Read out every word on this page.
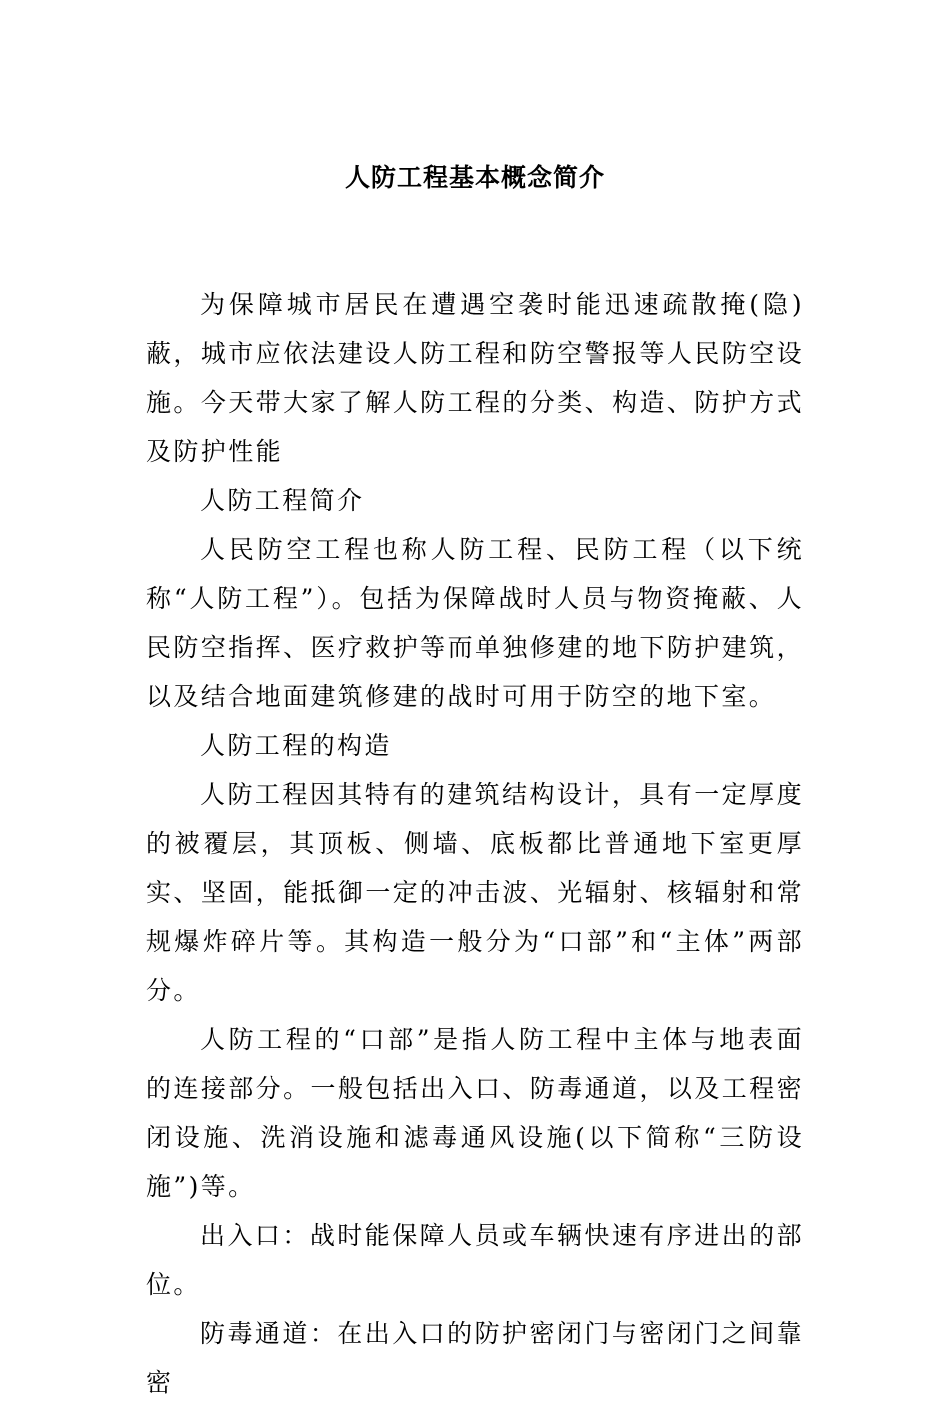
人防工程基本概念简介

为保障城市居民在遭遇空袭时能迅速疏散掩(隐)蔽，城市应依法建设人防工程和防空警报等人民防空设施。今天带大家了解人防工程的分类、构造、防护方式及防护性能

人防工程简介

人民防空工程也称人防工程、民防工程（以下统称“人防工程”）。包括为保障战时人员与物资掩蔽、人民防空指挥、医疗救护等而单独修建的地下防护建筑，以及结合地面建筑修建的战时可用于防空的地下室。

人防工程的构造

人防工程因其特有的建筑结构设计，具有一定厚度的被覆层，其顶板、侧墙、底板都比普通地下室更厚实、坚固，能抵御一定的冲击波、光辐射、核辐射和常规爆炸碎片等。其构造一般分为“口部”和“主体”两部分。

人防工程的“口部”是指人防工程中主体与地表面的连接部分。一般包括出入口、防毒通道，以及工程密闭设施、洗消设施和滤毒通风设施(以下简称“三防设施”)等。

出入口：战时能保障人员或车辆快速有序进出的部位。

防毒通道：在出入口的防护密闭门与密闭门之间靠密
